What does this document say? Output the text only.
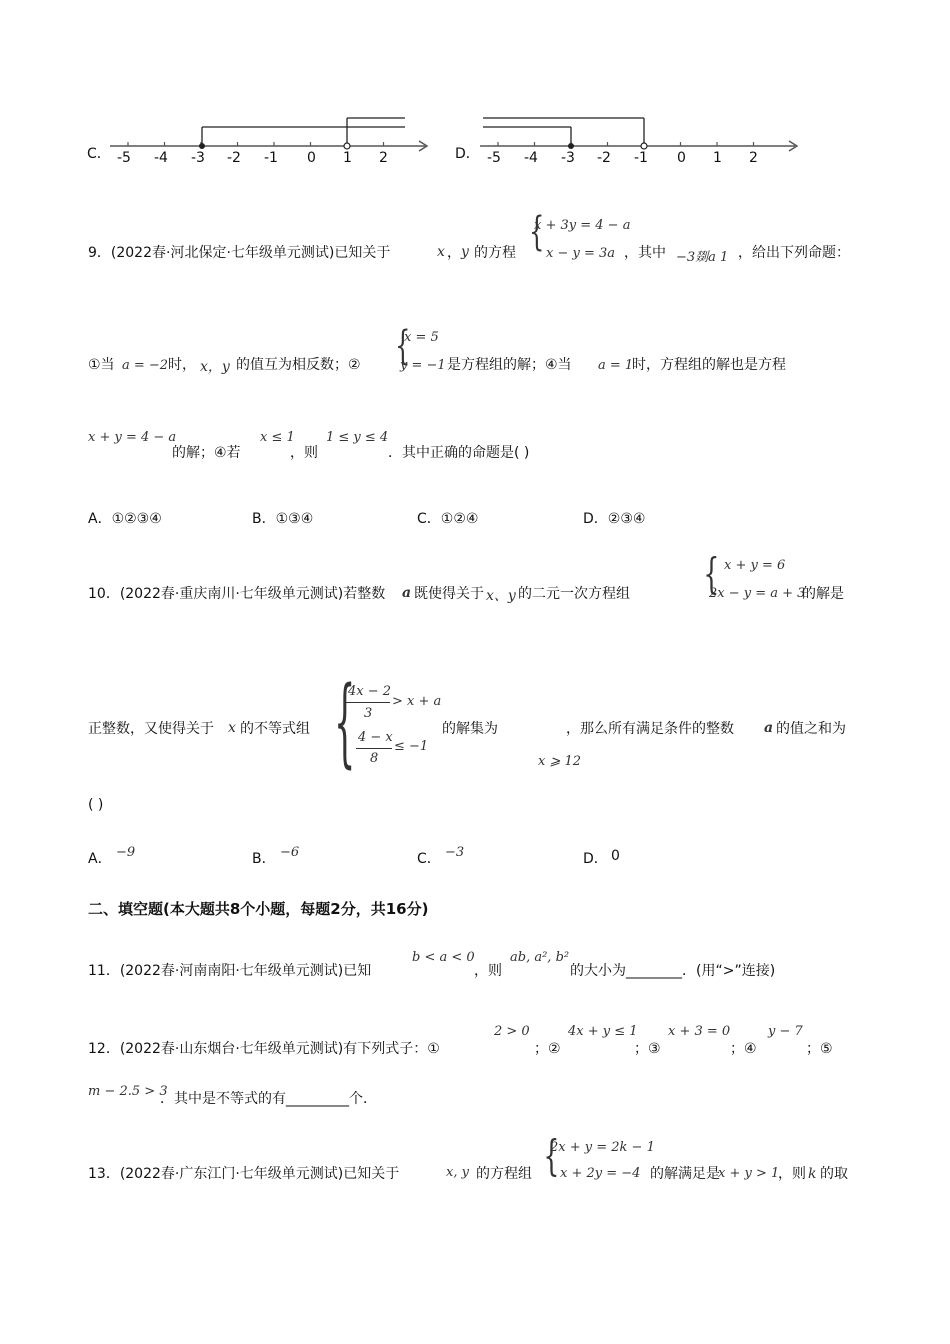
C． -5 -4 -3 -2 -1 0 1 2	D． -5 -4 -3 -2 -1 0 1 2
9．(2022春·河北保定·七年级单元测试)已知关于	x ， y 的方程 {
x + 3y = 4 − a
x − y = 3a ，其中 −3剟a 1 ，给出下列命题：
①当 a = −2 时， x，y 的值互为相反数；② {
x = 5
y = −1 是方程组的解；④当 a = 1
时，方程组的解也是方程
x + y = 4 − a
的解；④若
x ≤ 1
，则
1 ≤ y ≤ 4
．其中正确的命题是( )
A．①②③④	B．①③④	C．①②④	D．②③④
10．(2022春·重庆南川·七年级单元测试)若整数 a 既使得关于 x、y 的二元一次方程组 { x + y = 6
2x − y = a + 3
的解是
正整数，又使得关于 x 的不等式组 {
4x − 2
3
> x + a
4 − x
8
≤ −1
的解集为
x ⩾ 12
，那么所有满足条件的整数 a 的值之和为
( )
A． −9	B． −6	C． −3	D． 0
二、填空题(本大题共8个小题，每题2分，共16分)
11．(2022春·河南南阳·七年级单元测试)已知
b < a < 0
，则
ab, a², b²
的大小为________．(用“>”连接)
12．(2022春·山东烟台·七年级单元测试)有下列式子：①
2 > 0
；②
4x + y ≤ 1
；③
x + 3 = 0
；④
y − 7
；⑤
m − 2.5 > 3
．其中是不等式的有_________个．
13．(2022春·广东江门·七年级单元测试)已知关于	x, y 的方程组 {
2x + y = 2k − 1
x + 2y = −4 的解满足是
x + y > 1
，则 k 的取
